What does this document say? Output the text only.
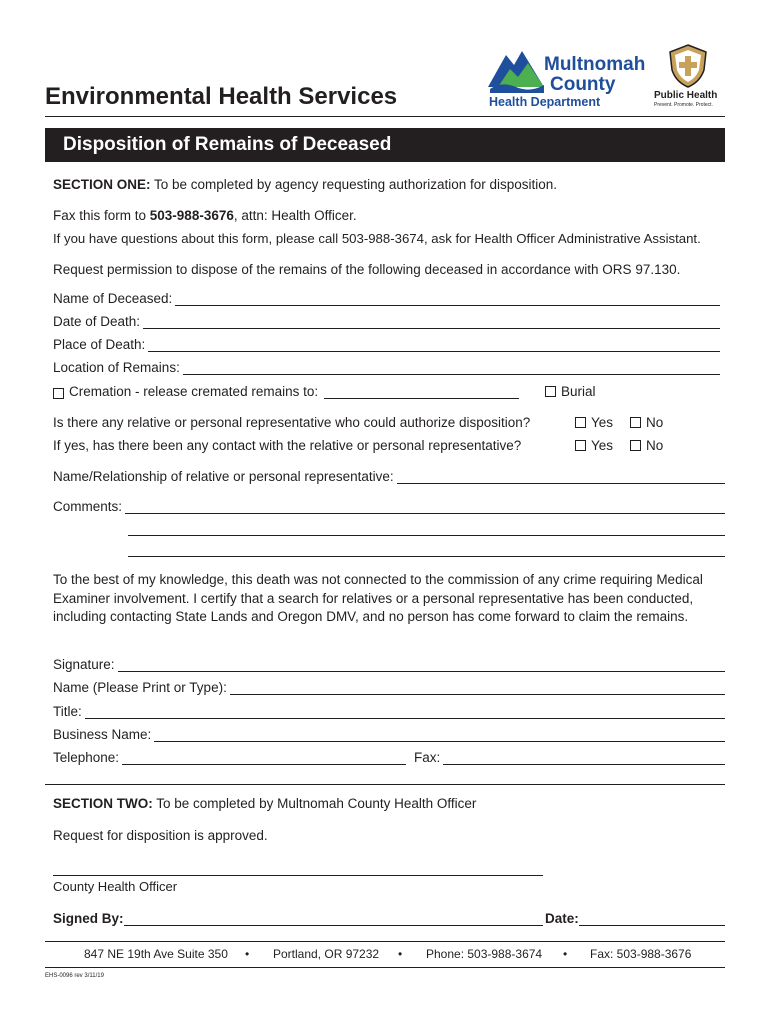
Environmental Health Services
Multnomah
County
Health Department	Public Health
Prevent. Promote. Protect.
Disposition of Remains of Deceased
SECTION ONE: To be completed by agency requesting authorization for disposition.
Fax this form to 503-988-3676, attn: Health Officer.
If you have questions about this form, please call 503-988-3674, ask for Health Officer Administrative Assistant.
Request permission to dispose of the remains of the following deceased in accordance with ORS 97.130.
Name of Deceased:
Date of Death:
Place of Death:
Location of Remains:
Cremation - release cremated remains to:	Burial
Is there any relative or personal representative who could authorize disposition?	Yes	No
If yes, has there been any contact with the relative or personal representative?	Yes	No
Name/Relationship of relative or personal representative:
Comments:
To the best of my knowledge, this death was not connected to the commission of any crime requiring Medical Examiner involvement. I certify that a search for relatives or a personal representative has been conducted, including contacting State Lands and Oregon DMV, and no person has come forward to claim the remains.
Signature:
Name (Please Print or Type):
Title:
Business Name:
Telephone:	Fax:
SECTION TWO: To be completed by Multnomah County Health Officer
Request for disposition is approved.
County Health Officer
Signed By:	Date:
847 NE 19th Ave Suite 350 • Portland, OR 97232 • Phone: 503-988-3674 • Fax: 503-988-3676
EHS-0096 rev 3/11/19
